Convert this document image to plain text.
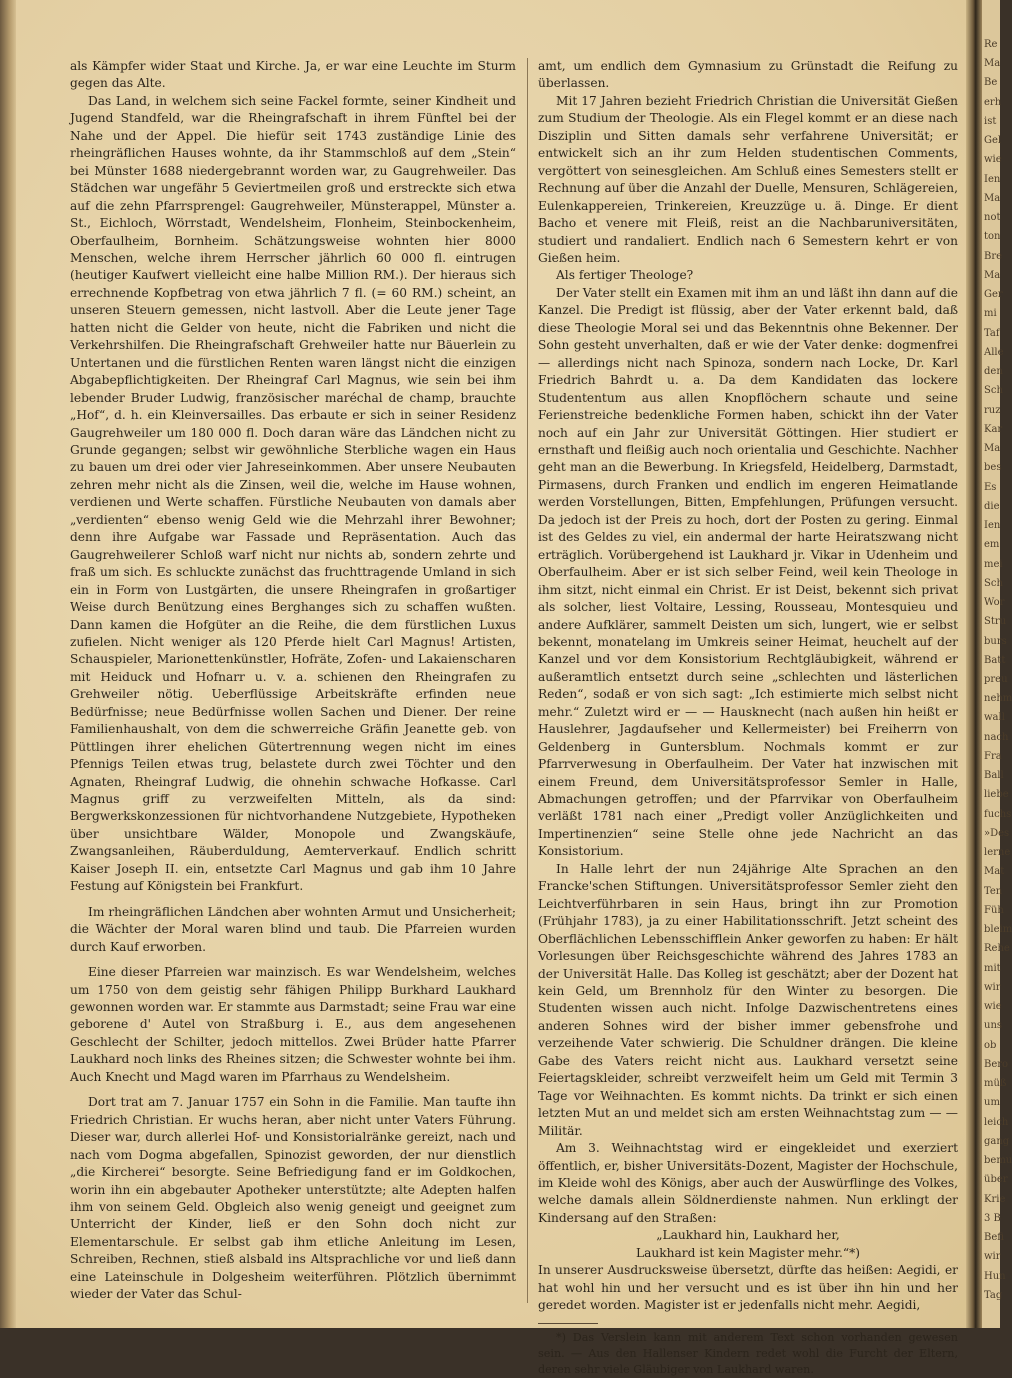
Re
Ma
Be
erh
ist
Gel
wie
Ien
Ma
not
ton
Bre
Ma
Ger
mi
Taf
Alle
den
Sch
ruz
Kar
Ma
bes
Es
die
Ien
em
mei
Sch
Wor
Stru
burs
Batt
preu
nehm
wall
nach
Fra
Ball
liebe
fuchs
»Des
lerne
Mat
Ten
Füh
bleim
Rehe
mit
wir
wie
uns
ob
Bero
müß
um
leich
gang
bemu
über
Krie
3 B
Befi
wir
Hun
Tag

als Kämpfer wider Staat und Kirche. Ja, er war eine Leuchte im Sturm gegen das Alte.

Das Land, in welchem sich seine Fackel formte, seiner Kindheit und Jugend Standfeld, war die Rheingrafschaft in ihrem Fünftel bei der Nahe und der Appel. Die hiefür seit 1743 zuständige Linie des rheingräflichen Hauses wohnte, da ihr Stammschloß auf dem „Stein“ bei Münster 1688 niedergebrannt worden war, zu Gaugrehweiler. Das Städchen war ungefähr 5 Geviertmeilen groß und erstreckte sich etwa auf die zehn Pfarrsprengel: Gaugrehweiler, Münsterappel, Münster a. St., Eichloch, Wörrstadt, Wendelsheim, Flonheim, Steinbockenheim, Oberfaulheim, Bornheim. Schätzungsweise wohnten hier 8000 Menschen, welche ihrem Herrscher jährlich 60 000 fl. eintrugen (heutiger Kaufwert vielleicht eine halbe Million RM.). Der hieraus sich errechnende Kopfbetrag von etwa jährlich 7 fl. (= 60 RM.) scheint, an unseren Steuern gemessen, nicht lastvoll. Aber die Leute jener Tage hatten nicht die Gelder von heute, nicht die Fabriken und nicht die Verkehrshilfen. Die Rheingrafschaft Grehweiler hatte nur Bäuerlein zu Untertanen und die fürstlichen Renten waren längst nicht die einzigen Abgabepflichtigkeiten. Der Rheingraf Carl Magnus, wie sein bei ihm lebender Bruder Ludwig, französischer maréchal de champ, brauchte „Hof“, d. h. ein Kleinversailles. Das erbaute er sich in seiner Residenz Gaugrehweiler um 180 000 fl. Doch daran wäre das Ländchen nicht zu Grunde gegangen; selbst wir gewöhnliche Sterbliche wagen ein Haus zu bauen um drei oder vier Jahreseinkommen. Aber unsere Neubauten zehren mehr nicht als die Zinsen, weil die, welche im Hause wohnen, verdienen und Werte schaffen. Fürstliche Neubauten von damals aber „verdienten“ ebenso wenig Geld wie die Mehrzahl ihrer Bewohner; denn ihre Aufgabe war Fassade und Repräsentation. Auch das Gaugrehweilerer Schloß warf nicht nur nichts ab, sondern zehrte und fraß um sich. Es schluckte zunächst das fruchttragende Umland in sich ein in Form von Lustgärten, die unsere Rheingrafen in großartiger Weise durch Benützung eines Berghanges sich zu schaffen wußten. Dann kamen die Hofgüter an die Reihe, die dem fürstlichen Luxus zufielen. Nicht weniger als 120 Pferde hielt Carl Magnus! Artisten, Schauspieler, Marionettenkünstler, Hofräte, Zofen- und Lakaienscharen mit Heiduck und Hofnarr u. v. a. schienen den Rheingrafen zu Grehweiler nötig. Ueberflüssige Arbeitskräfte erfinden neue Bedürfnisse; neue Bedürfnisse wollen Sachen und Diener. Der reine Familienhaushalt, von dem die schwerreiche Gräfin Jeanette geb. von Püttlingen ihrer ehelichen Gütertrennung wegen nicht im eines Pfennigs Teilen etwas trug, belastete durch zwei Töchter und den Agnaten, Rheingraf Ludwig, die ohnehin schwache Hofkasse. Carl Magnus griff zu verzweifelten Mitteln, als da sind: Bergwerkskonzessionen für nichtvorhandene Nutzgebiete, Hypotheken über unsichtbare Wälder, Monopole und Zwangskäufe, Zwangsanleihen, Räuberduldung, Aemterverkauf. Endlich schritt Kaiser Joseph II. ein, entsetzte Carl Magnus und gab ihm 10 Jahre Festung auf Königstein bei Frankfurt.

Im rheingräflichen Ländchen aber wohnten Armut und Unsicherheit; die Wächter der Moral waren blind und taub. Die Pfarreien wurden durch Kauf erworben.

Eine dieser Pfarreien war mainzisch. Es war Wendelsheim, welches um 1750 von dem geistig sehr fähigen Philipp Burkhard Laukhard gewonnen worden war. Er stammte aus Darmstadt; seine Frau war eine geborene d' Autel von Straßburg i. E., aus dem angesehenen Geschlecht der Schilter, jedoch mittellos. Zwei Brüder hatte Pfarrer Laukhard noch links des Rheines sitzen; die Schwester wohnte bei ihm. Auch Knecht und Magd waren im Pfarrhaus zu Wendelsheim.

Dort trat am 7. Januar 1757 ein Sohn in die Familie. Man taufte ihn Friedrich Christian. Er wuchs heran, aber nicht unter Vaters Führung. Dieser war, durch allerlei Hof- und Konsistorialränke gereizt, nach und nach vom Dogma abgefallen, Spinozist geworden, der nur dienstlich „die Kircherei“ besorgte. Seine Befriedigung fand er im Goldkochen, worin ihn ein abgebauter Apotheker unterstützte; alte Adepten halfen ihm von seinem Geld. Obgleich also wenig geneigt und geeignet zum Unterricht der Kinder, ließ er den Sohn doch nicht zur Elementarschule. Er selbst gab ihm etliche Anleitung im Lesen, Schreiben, Rechnen, stieß alsbald ins Altsprachliche vor und ließ dann eine Lateinschule in Dolgesheim weiterführen. Plötzlich übernimmt wieder der Vater das Schul-

amt, um endlich dem Gymnasium zu Grünstadt die Reifung zu überlassen.

Mit 17 Jahren bezieht Friedrich Christian die Universität Gießen zum Studium der Theologie. Als ein Flegel kommt er an diese nach Disziplin und Sitten damals sehr verfahrene Universität; er entwickelt sich an ihr zum Helden studentischen Comments, vergöttert von seinesgleichen. Am Schluß eines Semesters stellt er Rechnung auf über die Anzahl der Duelle, Mensuren, Schlägereien, Eulenkappereien, Trinkereien, Kreuzzüge u. ä. Dinge. Er dient Bacho et venere mit Fleiß, reist an die Nachbaruniversitäten, studiert und randaliert. Endlich nach 6 Semestern kehrt er von Gießen heim.

Als fertiger Theologe?

Der Vater stellt ein Examen mit ihm an und läßt ihn dann auf die Kanzel. Die Predigt ist flüssig, aber der Vater erkennt bald, daß diese Theologie Moral sei und das Bekenntnis ohne Bekenner. Der Sohn gesteht unverhalten, daß er wie der Vater denke: dogmenfrei — allerdings nicht nach Spinoza, sondern nach Locke, Dr. Karl Friedrich Bahrdt u. a. Da dem Kandidaten das lockere Studententum aus allen Knopflöchern schaute und seine Ferienstreiche bedenkliche Formen haben, schickt ihn der Vater noch auf ein Jahr zur Universität Göttingen. Hier studiert er ernsthaft und fleißig auch noch orientalia und Geschichte. Nachher geht man an die Bewerbung. In Kriegsfeld, Heidelberg, Darmstadt, Pirmasens, durch Franken und endlich im engeren Heimatlande werden Vorstellungen, Bitten, Empfehlungen, Prüfungen versucht. Da jedoch ist der Preis zu hoch, dort der Posten zu gering. Einmal ist des Geldes zu viel, ein andermal der harte Heiratszwang nicht erträglich. Vorübergehend ist Laukhard jr. Vikar in Udenheim und Oberfaulheim. Aber er ist sich selber Feind, weil kein Theologe in ihm sitzt, nicht einmal ein Christ. Er ist Deist, bekennt sich privat als solcher, liest Voltaire, Lessing, Rousseau, Montesquieu und andere Aufklärer, sammelt Deisten um sich, lungert, wie er selbst bekennt, monatelang im Umkreis seiner Heimat, heuchelt auf der Kanzel und vor dem Konsistorium Rechtgläubigkeit, während er außeramtlich entsetzt durch seine „schlechten und lästerlichen Reden“, sodaß er von sich sagt: „Ich estimierte mich selbst nicht mehr.“ Zuletzt wird er — — Hausknecht (nach außen hin heißt er Hauslehrer, Jagdaufseher und Kellermeister) bei Freiherrn von Geldenberg in Guntersblum. Nochmals kommt er zur Pfarrverwesung in Oberfaulheim. Der Vater hat inzwischen mit einem Freund, dem Universitätsprofessor Semler in Halle, Abmachungen getroffen; und der Pfarrvikar von Oberfaulheim verläßt 1781 nach einer „Predigt voller Anzüglichkeiten und Impertinenzien“ seine Stelle ohne jede Nachricht an das Konsistorium.

In Halle lehrt der nun 24jährige Alte Sprachen an den Francke'schen Stiftungen. Universitätsprofessor Semler zieht den Leichtverführbaren in sein Haus, bringt ihn zur Promotion (Frühjahr 1783), ja zu einer Habilitationsschrift. Jetzt scheint des Oberflächlichen Lebensschifflein Anker geworfen zu haben: Er hält Vorlesungen über Reichsgeschichte während des Jahres 1783 an der Universität Halle. Das Kolleg ist geschätzt; aber der Dozent hat kein Geld, um Brennholz für den Winter zu besorgen. Die Studenten wissen auch nicht. Infolge Dazwischentretens eines anderen Sohnes wird der bisher immer gebensfrohe und verzeihende Vater schwierig. Die Schuldner drängen. Die kleine Gabe des Vaters reicht nicht aus. Laukhard versetzt seine Feiertagskleider, schreibt verzweifelt heim um Geld mit Termin 3 Tage vor Weihnachten. Es kommt nichts. Da trinkt er sich einen letzten Mut an und meldet sich am ersten Weihnachtstag zum — — Militär.

Am 3. Weihnachtstag wird er eingekleidet und exerziert öffentlich, er, bisher Universitäts-Dozent, Magister der Hochschule, im Kleide wohl des Königs, aber auch der Auswürflinge des Volkes, welche damals allein Söldnerdienste nahmen. Nun erklingt der Kindersang auf den Straßen:

„Laukhard hin, Laukhard her,

Laukhard ist kein Magister mehr.“*)

In unserer Ausdrucksweise übersetzt, dürfte das heißen: Aegidi, er hat wohl hin und her versucht und es ist über ihn hin und her geredet worden. Magister ist er jedenfalls nicht mehr. Aegidi,

*) Das Verslein kann mit anderem Text schon vorhanden gewesen sein. — Aus den Hallenser Kindern redet wohl die Furcht der Eltern, deren sehr viele Gläubiger von Laukhard waren.
